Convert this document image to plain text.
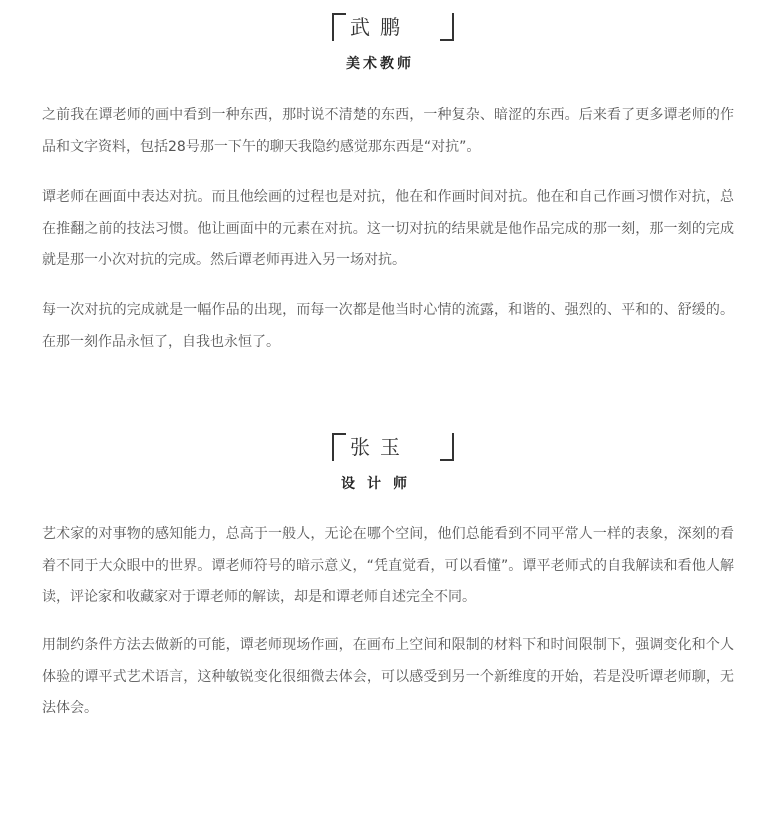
武鹏
美术教师

之前我在谭老师的画中看到一种东西，那时说不清楚的东西，一种复杂、暗涩的东西。后来看了更多谭老师的作品和文字资料，包括28号那一下午的聊天我隐约感觉那东西是“对抗”。

谭老师在画面中表达对抗。而且他绘画的过程也是对抗，他在和作画时间对抗。他在和自己作画习惯作对抗，总在推翻之前的技法习惯。他让画面中的元素在对抗。这一切对抗的结果就是他作品完成的那一刻，那一刻的完成就是那一小次对抗的完成。然后谭老师再进入另一场对抗。

每一次对抗的完成就是一幅作品的出现，而每一次都是他当时心情的流露，和谐的、强烈的、平和的、舒缓的。在那一刻作品永恒了，自我也永恒了。

张玉
设计师

艺术家的对事物的感知能力，总高于一般人，无论在哪个空间，他们总能看到不同平常人一样的表象，深刻的看着不同于大众眼中的世界。谭老师符号的暗示意义，“凭直觉看，可以看懂”。谭平老师式的自我解读和看他人解读，评论家和收藏家对于谭老师的解读，却是和谭老师自述完全不同。

用制约条件方法去做新的可能，谭老师现场作画，在画布上空间和限制的材料下和时间限制下，强调变化和个人体验的谭平式艺术语言，这种敏锐变化很细微去体会，可以感受到另一个新维度的开始，若是没听谭老师聊，无法体会。
